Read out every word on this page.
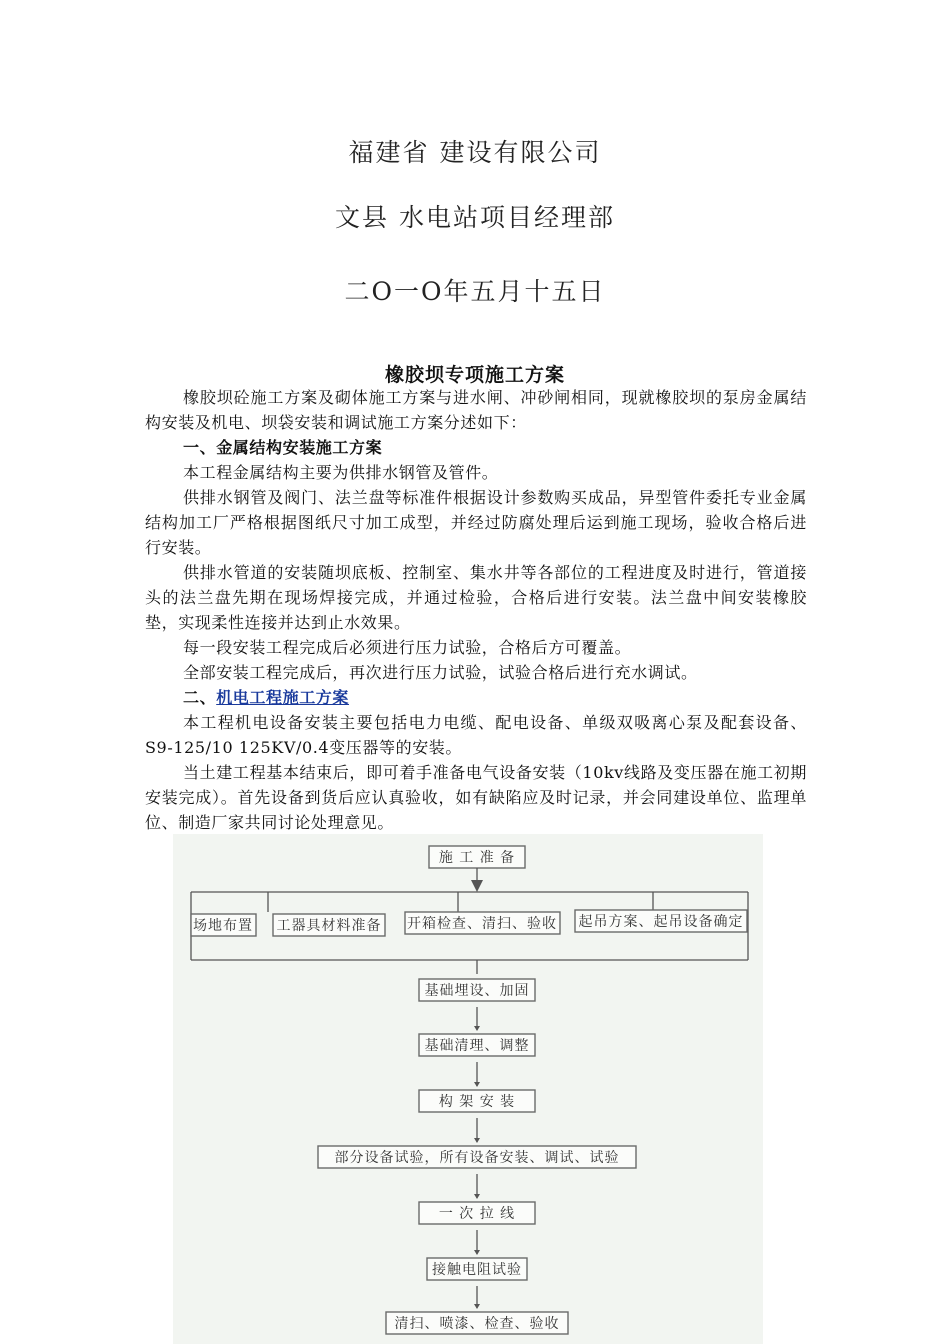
福建省 建设有限公司
文县 水电站项目经理部
二O一O年五月十五日
橡胶坝专项施工方案

橡胶坝砼施工方案及砌体施工方案与进水闸、冲砂闸相同，现就橡胶坝的泵房金属结构安装及机电、坝袋安装和调试施工方案分述如下：

一、金属结构安装施工方案

本工程金属结构主要为供排水钢管及管件。

供排水钢管及阀门、法兰盘等标准件根据设计参数购买成品，异型管件委托专业金属结构加工厂严格根据图纸尺寸加工成型，并经过防腐处理后运到施工现场，验收合格后进行安装。

供排水管道的安装随坝底板、控制室、集水井等各部位的工程进度及时进行，管道接头的法兰盘先期在现场焊接完成，并通过检验，合格后进行安装。法兰盘中间安装橡胶垫，实现柔性连接并达到止水效果。

每一段安装工程完成后必须进行压力试验，合格后方可覆盖。

全部安装工程完成后，再次进行压力试验，试验合格后进行充水调试。

二、机电工程施工方案

本工程机电设备安装主要包括电力电缆、配电设备、单级双吸离心泵及配套设备、S9-125/10 125KV/0.4变压器等的安装。

当土建工程基本结束后，即可着手准备电气设备安装（10kv线路及变压器在施工初期安装完成）。首先设备到货后应认真验收，如有缺陷应及时记录，并会同建设单位、监理单位、制造厂家共同讨论处理意见。

施 工 准 备
场地布置 工器具材料准备 开箱检查、清扫、验收 起吊方案、起吊设备确定
基础埋设、加固
基础清理、调整
构 架 安 装
部分设备试验，所有设备安装、调试、试验
一 次 拉 线
接触电阻试验
清扫、喷漆、检查、验收
